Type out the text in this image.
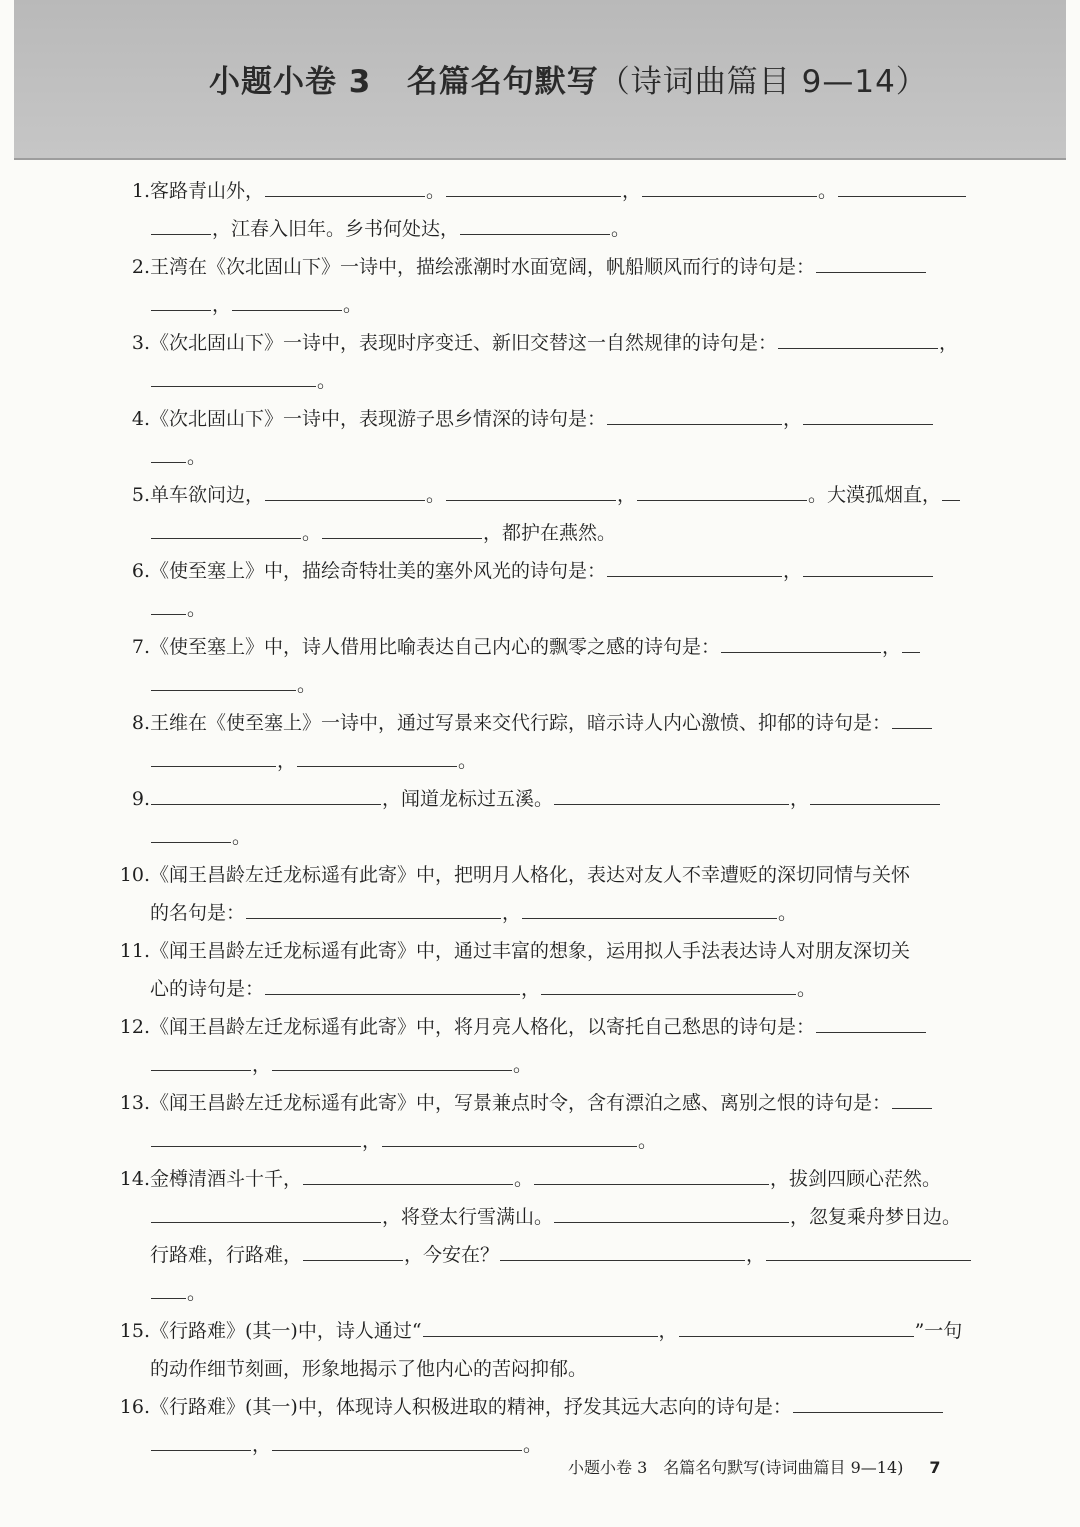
小题小卷 3 名篇名句默写（诗词曲篇目 9—14）
1.客路青山外，	。	，	。
，江春入旧年。乡书何处达，	。
2.王湾在《次北固山下》一诗中，描绘涨潮时水面宽阔，帆船顺风而行的诗句是：
，	。
3.《次北固山下》一诗中，表现时序变迁、新旧交替这一自然规律的诗句是：	，
。
4.《次北固山下》一诗中，表现游子思乡情深的诗句是：	，
。
5.单车欲问边，	。	，	。大漠孤烟直，
。	，都护在燕然。
6.《使至塞上》中，描绘奇特壮美的塞外风光的诗句是：	，
。
7.《使至塞上》中，诗人借用比喻表达自己内心的飘零之感的诗句是：	，
。
8.王维在《使至塞上》一诗中，通过写景来交代行踪，暗示诗人内心激愤、抑郁的诗句是：
，	。
9.	，闻道龙标过五溪。	，
。
10.《闻王昌龄左迁龙标遥有此寄》中，把明月人格化，表达对友人不幸遭贬的深切同情与关怀
的名句是：	，	。
11.《闻王昌龄左迁龙标遥有此寄》中，通过丰富的想象，运用拟人手法表达诗人对朋友深切关
心的诗句是：	，	。
12.《闻王昌龄左迁龙标遥有此寄》中，将月亮人格化，以寄托自己愁思的诗句是：
，	。
13.《闻王昌龄左迁龙标遥有此寄》中，写景兼点时令，含有漂泊之感、离别之恨的诗句是：
，	。
14.金樽清酒斗十千，	。	，拔剑四顾心茫然。
，将登太行雪满山。	，忽复乘舟梦日边。
行路难，行路难，	，今安在？	，
。
15.《行路难》(其一)中，诗人通过“	，	”一句
的动作细节刻画，形象地揭示了他内心的苦闷抑郁。
16.《行路难》(其一)中，体现诗人积极进取的精神，抒发其远大志向的诗句是：
，	。
小题小卷 3　名篇名句默写(诗词曲篇目 9—14) 7
